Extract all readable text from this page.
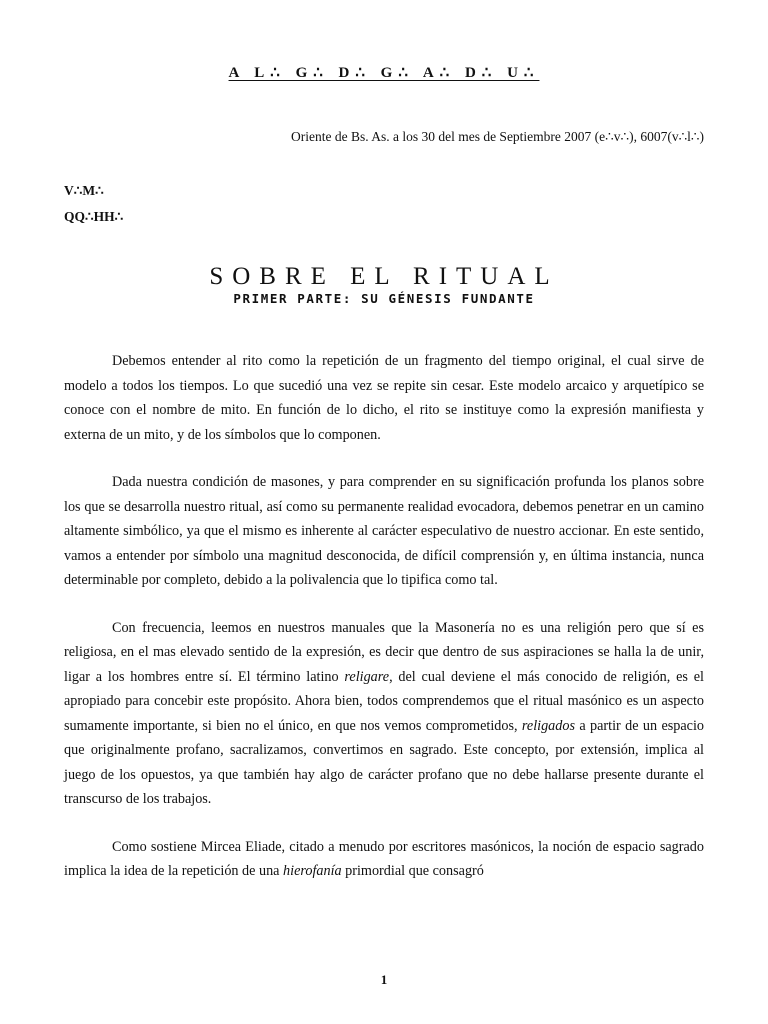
A L∴ G∴ D∴ G∴ A∴ D∴ U∴
Oriente de Bs. As. a los 30 del mes de Septiembre 2007 (e∴v∴), 6007(v∴l∴)
V∴M∴
QQ∴HH∴
SOBRE EL RITUAL
PRIMER PARTE: SU GÉNESIS FUNDANTE

Debemos entender al rito como la repetición de un fragmento del tiempo original, el cual sirve de modelo a todos los tiempos. Lo que sucedió una vez se repite sin cesar. Este modelo arcaico y arquetípico se conoce con el nombre de mito. En función de lo dicho, el rito se instituye como la expresión manifiesta y externa de un mito, y de los símbolos que lo componen.

Dada nuestra condición de masones, y para comprender en su significación profunda los planos sobre los que se desarrolla nuestro ritual, así como su permanente realidad evocadora, debemos penetrar en un camino altamente simbólico, ya que el mismo es inherente al carácter especulativo de nuestro accionar. En este sentido, vamos a entender por símbolo una magnitud desconocida, de difícil comprensión y, en última instancia, nunca determinable por completo, debido a la polivalencia que lo tipifica como tal.

Con frecuencia, leemos en nuestros manuales que la Masonería no es una religión pero que sí es religiosa, en el mas elevado sentido de la expresión, es decir que dentro de sus aspiraciones se halla la de unir, ligar a los hombres entre sí. El término latino religare, del cual deviene el más conocido de religión, es el apropiado para concebir este propósito. Ahora bien, todos comprendemos que el ritual masónico es un aspecto sumamente importante, si bien no el único, en que nos vemos comprometidos, religados a partir de un espacio que originalmente profano, sacralizamos, convertimos en sagrado. Este concepto, por extensión, implica al juego de los opuestos, ya que también hay algo de carácter profano que no debe hallarse presente durante el transcurso de los trabajos.

Como sostiene Mircea Eliade, citado a menudo por escritores masónicos, la noción de espacio sagrado implica la idea de la repetición de una hierofanía primordial que consagró

1
